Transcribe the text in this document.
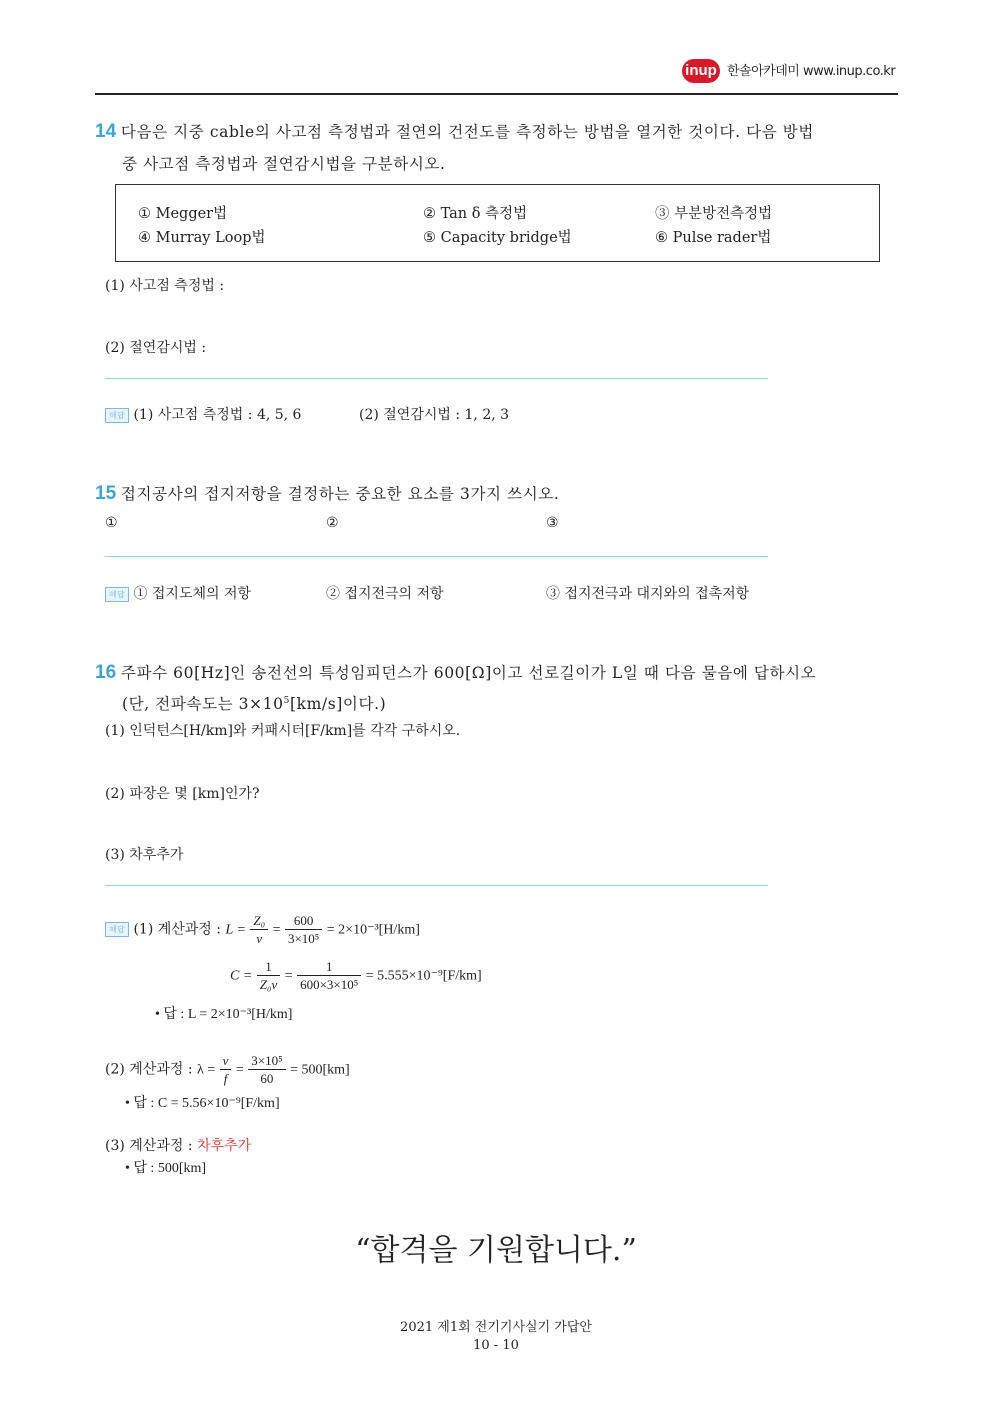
inup 한솔아카데미 www.inup.co.kr
14 다음은 지중 cable의 사고점 측정법과 절연의 건전도를 측정하는 방법을 열거한 것이다. 다음 방법
중 사고점 측정법과 절연감시법을 구분하시오.
① Megger법	② Tan δ 측정법	③ 부분방전측정법
④ Murray Loop법	⑤ Capacity bridge법	⑥ Pulse rader법
(1) 사고점 측정법 :
(2) 절연감시법 :
해답 (1) 사고점 측정법 : 4, 5, 6	(2) 절연감시법 : 1, 2, 3
15 접지공사의 접지저항을 결정하는 중요한 요소를 3가지 쓰시오.
①	②	③
해답 ① 접지도체의 저항	② 접지전극의 저항	③ 접지전극과 대지와의 접촉저항
16 주파수 60[Hz]인 송전선의 특성임피던스가 600[Ω]이고 선로길이가 L일 때 다음 물음에 답하시오
(단, 전파속도는 $3\times 10^5[km/s]$이다.)
(1) 인덕턴스[H/km]와 커패시터[F/km]를 각각 구하시오.
(2) 파장은 몇 [km]인가?
(3) 차후추가
해답 (1) 계산과정 : $L = \frac{\text{Z₀}}{v} = \frac{600}{\text{3×10⁵}} = 2\times 10^{-3}[H/km]$
$C = \frac{1}{\text{Z₀v}} = \frac{1}{\text{600×3×10⁵}} = 5.555\times 10^{-9}[F/km]$
• 답 : L = 2×10⁻³[H/km]
(2) 계산과정 : $\lambda = \frac{v}{f} = \frac{\text{3×10⁵}}{60} = 500[km]$
• 답 : C = 5.56×10⁻⁹[F/km]
(3) 계산과정 : 차후추가
• 답 : 500[km]
“합격을 기원합니다.”
2021 제1회 전기기사실기 가답안
10 - 10
